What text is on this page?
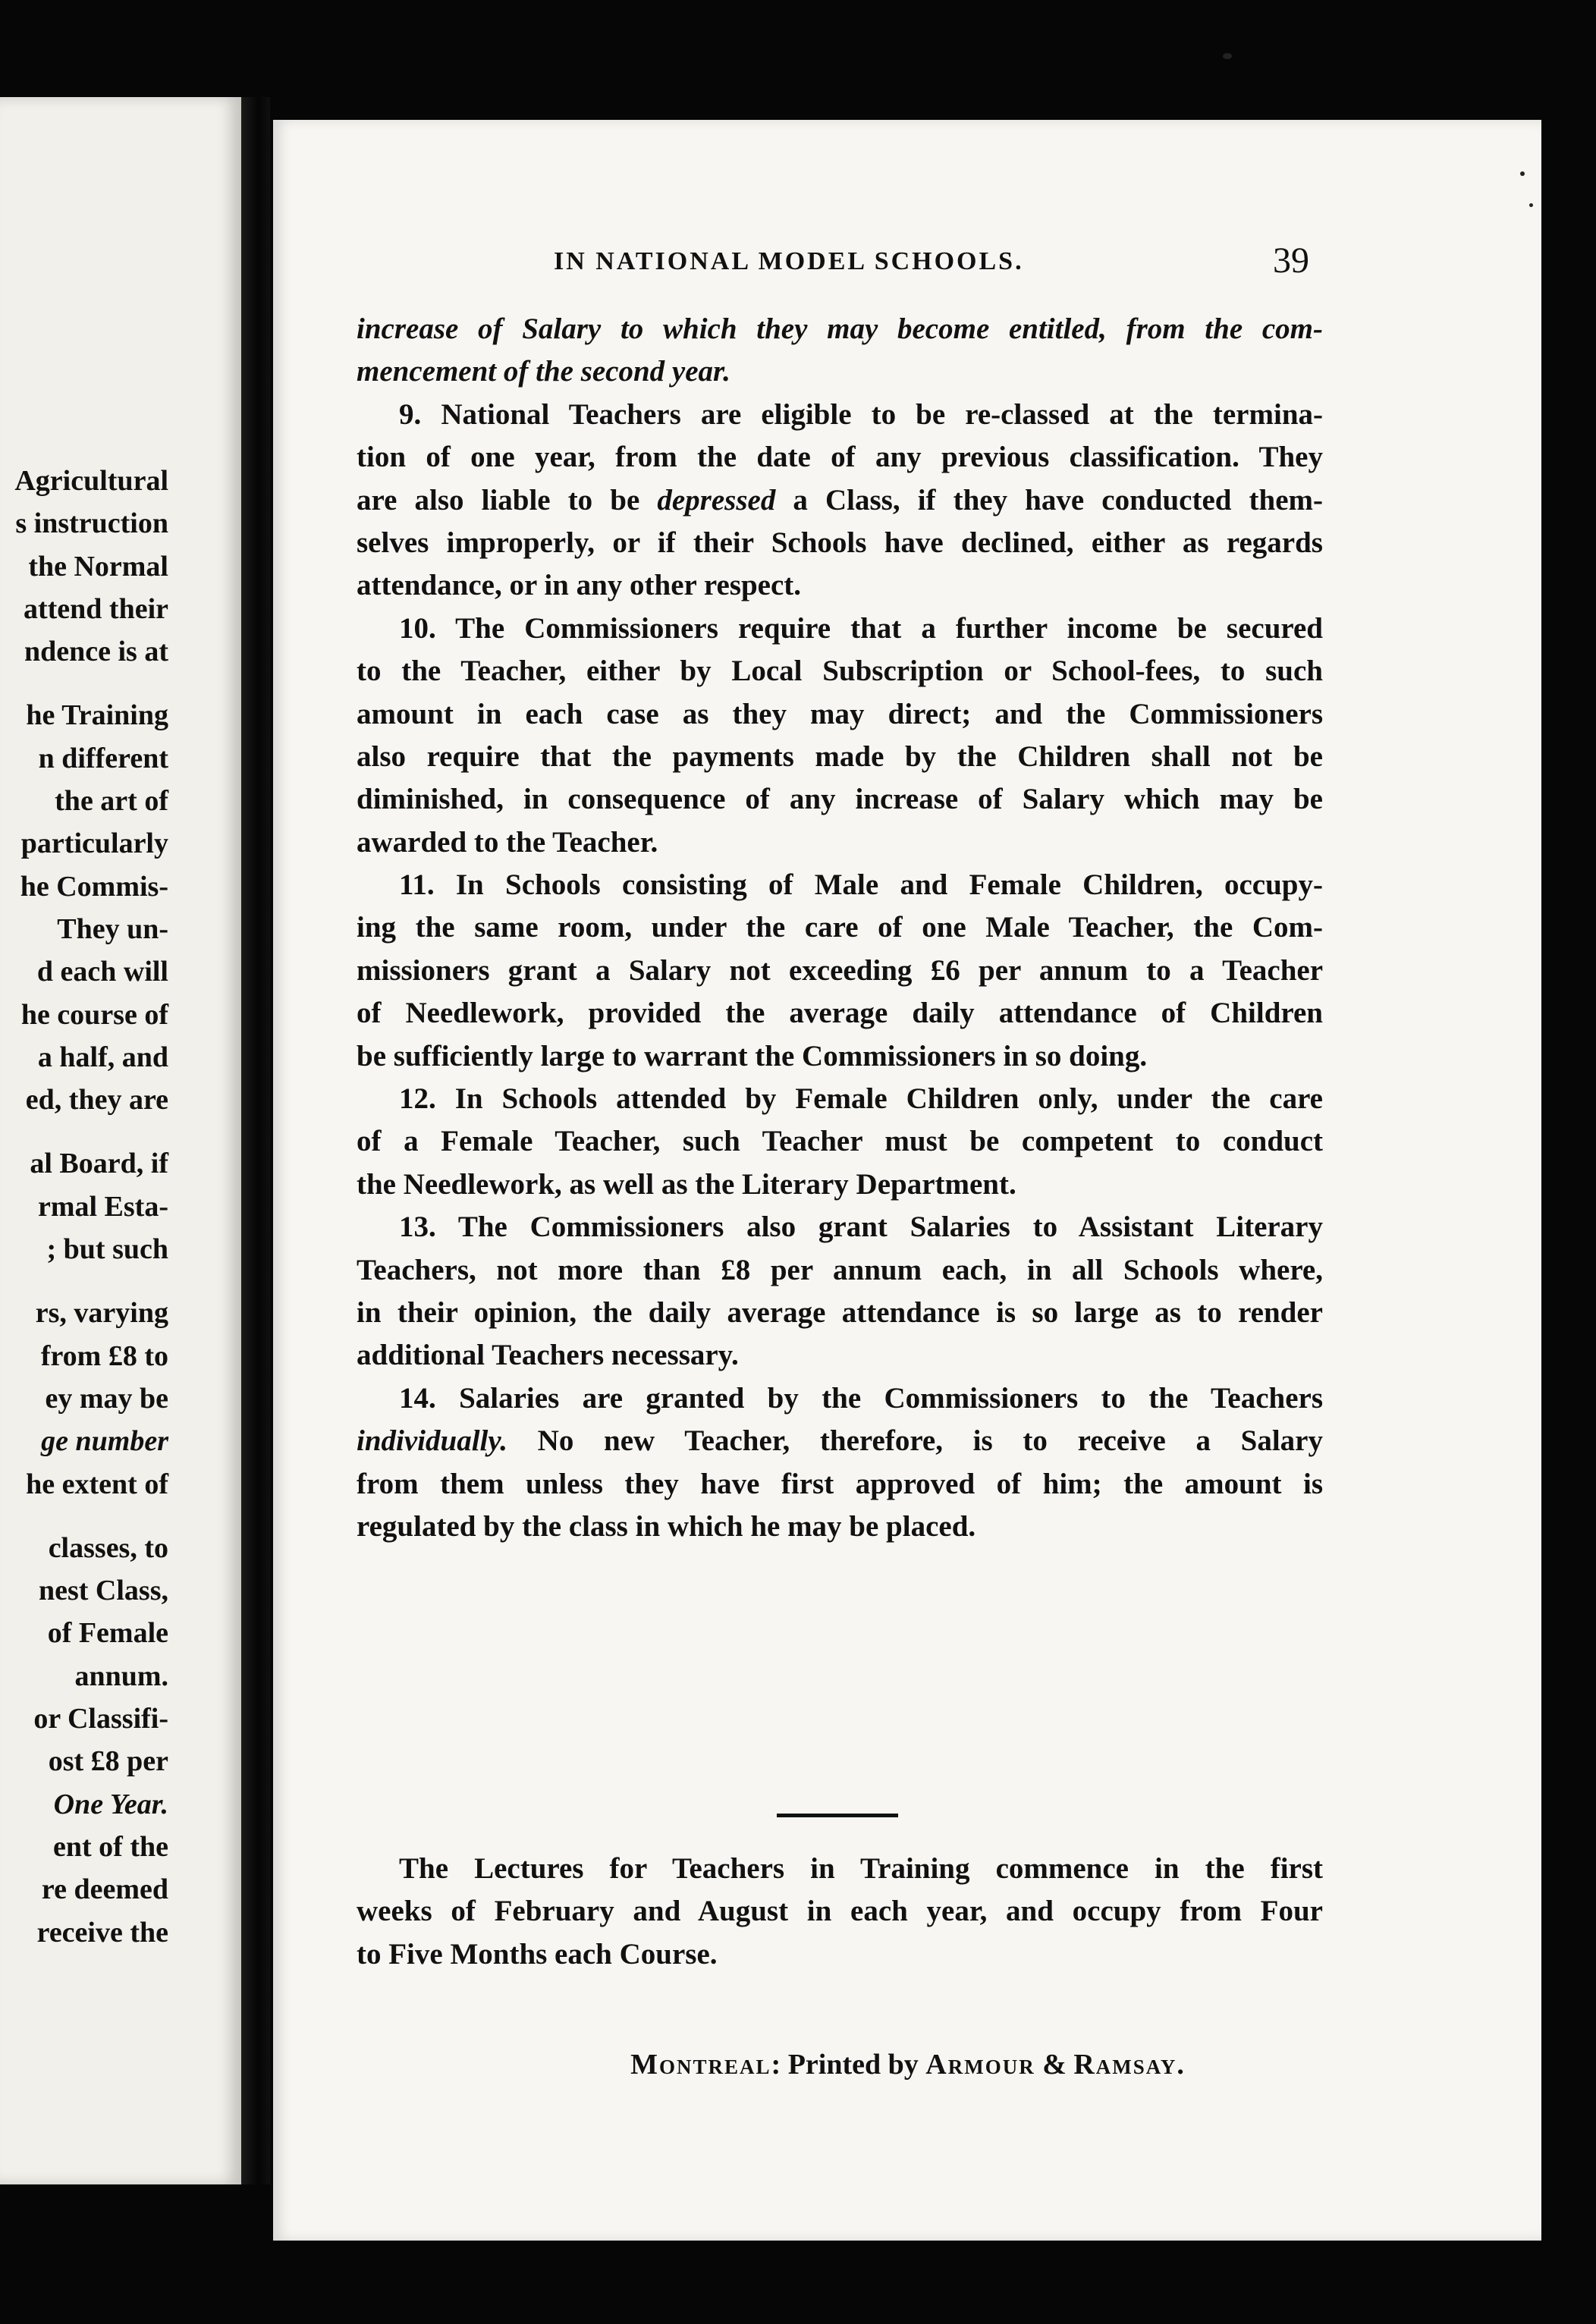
Agricultural
s instruction
the Normal
attend their
ndence is at
he Training
n different
the art of
particularly
he Commis-
They un-
d each will
he course of
a half, and
ed, they are
al Board, if
rmal Esta-
; but such
rs, varying
from £8 to
ey may be
ge number
he extent of
classes, to
nest Class,
of Female
annum.
or Classifi-
ost £8 per
One Year.
ent of the
re deemed
receive the
IN NATIONAL MODEL SCHOOLS.	39
increase of Salary to which they may become entitled, from the com-
mencement of the second year.
9. National Teachers are eligible to be re-classed at the termina-
tion of one year, from the date of any previous classification. They
are also liable to be depressed a Class, if they have conducted them-
selves improperly, or if their Schools have declined, either as regards
attendance, or in any other respect.
10. The Commissioners require that a further income be secured
to the Teacher, either by Local Subscription or School-fees, to such
amount in each case as they may direct; and the Commissioners
also require that the payments made by the Children shall not be
diminished, in consequence of any increase of Salary which may be
awarded to the Teacher.
11. In Schools consisting of Male and Female Children, occupy-
ing the same room, under the care of one Male Teacher, the Com-
missioners grant a Salary not exceeding £6 per annum to a Teacher
of Needlework, provided the average daily attendance of Children
be sufficiently large to warrant the Commissioners in so doing.
12. In Schools attended by Female Children only, under the care
of a Female Teacher, such Teacher must be competent to conduct
the Needlework, as well as the Literary Department.
13. The Commissioners also grant Salaries to Assistant Literary
Teachers, not more than £8 per annum each, in all Schools where,
in their opinion, the daily average attendance is so large as to render
additional Teachers necessary.
14. Salaries are granted by the Commissioners to the Teachers
individually. No new Teacher, therefore, is to receive a Salary
from them unless they have first approved of him; the amount is
regulated by the class in which he may be placed.
The Lectures for Teachers in Training commence in the first
weeks of February and August in each year, and occupy from Four
to Five Months each Course.
Montreal: Printed by Armour & Ramsay.
